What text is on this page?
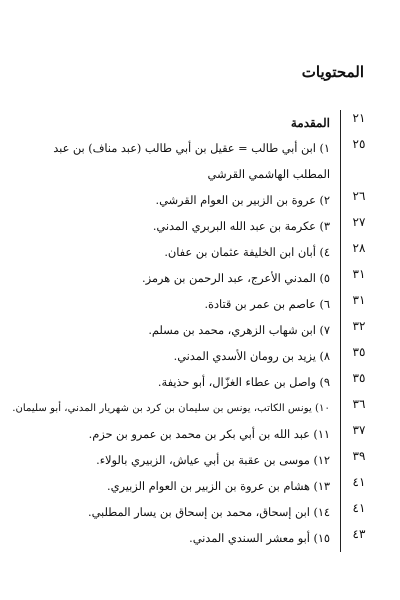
المحتويات
٢١
المقدمة
٢٥
١) ابن أبي طالب = عقيل بن أبي طالب (عبد مناف) بن عبد المطلب الهاشمي القرشي
٢٦
٢) عروة بن الزبير بن العوام القرشي.
٢٧
٣) عكرمة بن عبد الله البربري المدني.
٢٨
٤) أبان ابن الخليفة عثمان بن عفان.
٣١
٥) المدني الأعرج، عبد الرحمن بن هرمز.
٣١
٦) عاصم بن عمر بن قتادة.
٣٢
٧) ابن شهاب الزهري، محمد بن مسلم.
٣٥
٨) يزيد بن رومان الأسدي المدني.
٣٥
٩) واصل بن عطاء الغزّال، أبو حذيفة.
٣٦
١٠) يونس الكاتب، يونس بن سليمان بن كرد بن شهريار المدني، أبو سليمان.
٣٧
١١) عبد الله بن أبي بكر بن محمد بن عمرو بن حزم.
٣٩
١٢) موسى بن عقبة بن أبي عياش، الزبيري بالولاء.
٤١
١٣) هشام بن عروة بن الزبير بن العوام الزبيري.
٤١
١٤) ابن إسحاق، محمد بن إسحاق بن يسار المطلبي.
٤٣
١٥) أبو معشر السندي المدني.
